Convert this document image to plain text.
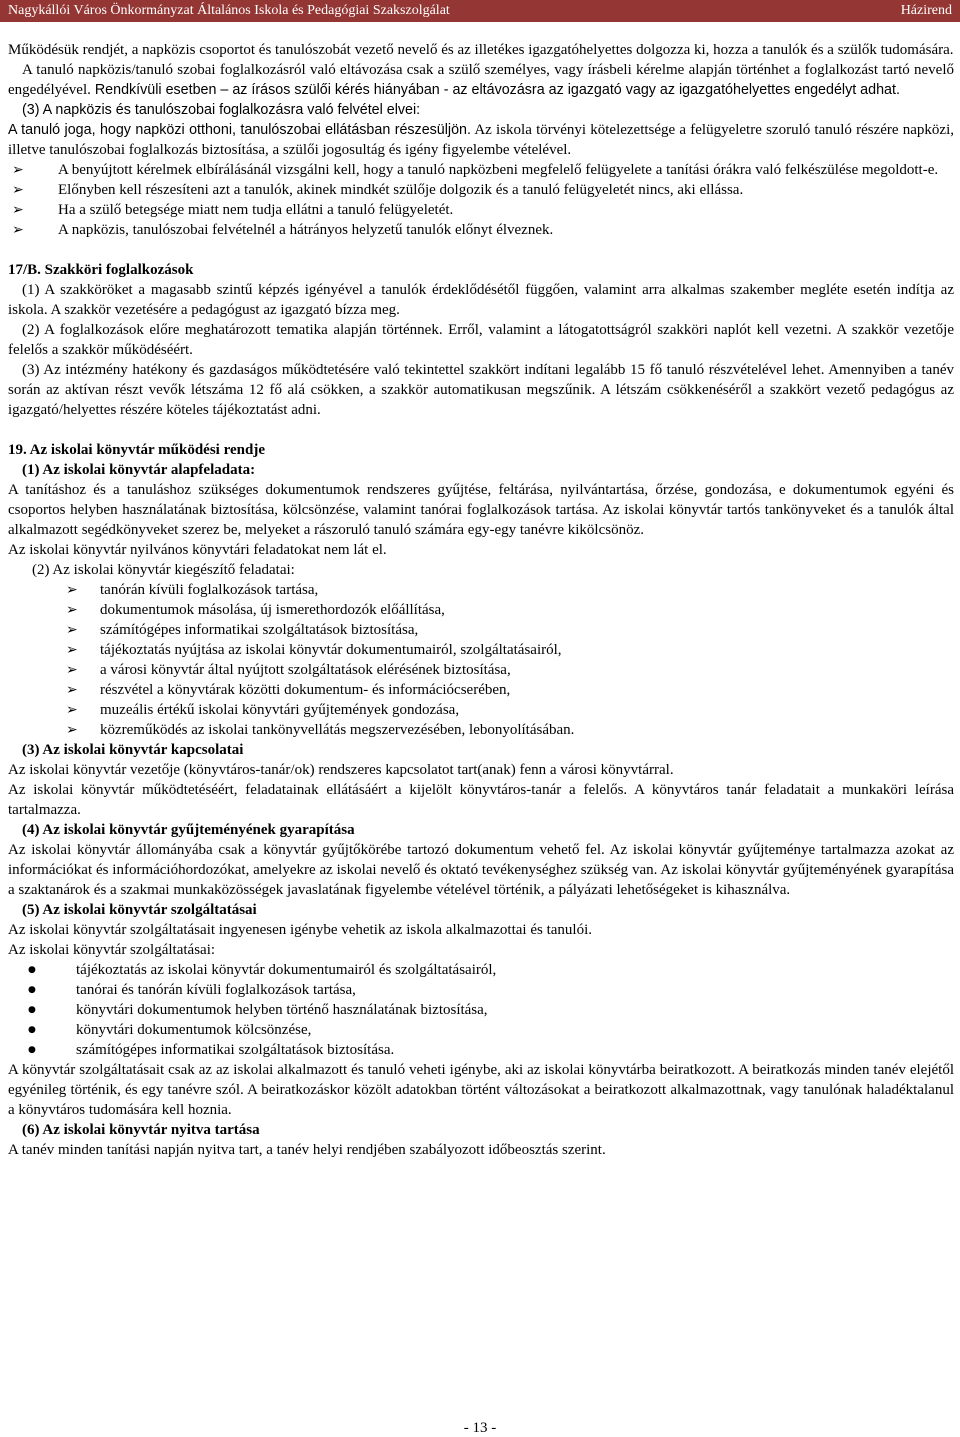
Nagykállói Város Önkormányzat Általános Iskola és Pedagógiai Szakszolgálat	Házirend

Működésük rendjét, a napközis csoportot és tanulószobát vezető nevelő és az illetékes igazgatóhelyettes dolgozza ki, hozza a tanulók és a szülők tudomására.

A tanuló napközis/tanuló szobai foglalkozásról való eltávozása csak a szülő személyes, vagy írásbeli kérelme alapján történhet a foglalkozást tartó nevelő engedélyével. Rendkívüli esetben – az írásos szülői kérés hiányában - az eltávozásra az igazgató vagy az igazgatóhelyettes engedélyt adhat.

(3) A napközis és tanulószobai foglalkozásra való felvétel elvei:

A tanuló joga, hogy napközi otthoni, tanulószobai ellátásban részesüljön. Az iskola törvényi kötelezettsége a felügyeletre szoruló tanuló részére napközi, illetve tanulószobai foglalkozás biztosítása, a szülői jogosultág és igény figyelembe vételével.

➢ A benyújtott kérelmek elbírálásánál vizsgálni kell, hogy a tanuló napközbeni megfelelő felügyelete a tanítási órákra való felkészülése megoldott-e.
➢ Előnyben kell részesíteni azt a tanulók, akinek mindkét szülője dolgozik és a tanuló felügyeletét nincs, aki ellássa.
➢ Ha a szülő betegsége miatt nem tudja ellátni a tanuló felügyeletét.
➢ A napközis, tanulószobai felvételnél a hátrányos helyzetű tanulók előnyt élveznek.

17/B. Szakköri foglalkozások

(1) A szakköröket a magasabb szintű képzés igényével a tanulók érdeklődésétől függően, valamint arra alkalmas szakember megléte esetén indítja az iskola. A szakkör vezetésére a pedagógust az igazgató bízza meg.

(2) A foglalkozások előre meghatározott tematika alapján történnek. Erről, valamint a látogatottságról szakköri naplót kell vezetni. A szakkör vezetője felelős a szakkör működéséért.

(3) Az intézmény hatékony és gazdaságos működtetésére való tekintettel szakkört indítani legalább 15 fő tanuló részvételével lehet. Amennyiben a tanév során az aktívan részt vevők létszáma 12 fő alá csökken, a szakkör automatikusan megszűnik. A létszám csökkenéséről a szakkört vezető pedagógus az igazgató/helyettes részére köteles tájékoztatást adni.

19. Az iskolai könyvtár működési rendje

(1) Az iskolai könyvtár alapfeladata:

A tanításhoz és a tanuláshoz szükséges dokumentumok rendszeres gyűjtése, feltárása, nyilvántartása, őrzése, gondozása, e dokumentumok egyéni és csoportos helyben használatának biztosítása, kölcsönzése, valamint tanórai foglalkozások tartása. Az iskolai könyvtár tartós tankönyveket és a tanulók által alkalmazott segédkönyveket szerez be, melyeket a rászoruló tanuló számára egy-egy tanévre kikölcsönöz.

Az iskolai könyvtár nyilvános könyvtári feladatokat nem lát el.

(2) Az iskolai könyvtár kiegészítő feladatai:

➢ tanórán kívüli foglalkozások tartása,
➢ dokumentumok másolása, új ismerethordozók előállítása,
➢ számítógépes informatikai szolgáltatások biztosítása,
➢ tájékoztatás nyújtása az iskolai könyvtár dokumentumairól, szolgáltatásairól,
➢ a városi könyvtár által nyújtott szolgáltatások elérésének biztosítása,
➢ részvétel a könyvtárak közötti dokumentum- és információcserében,
➢ muzeális értékű iskolai könyvtári gyűjtemények gondozása,
➢ közreműködés az iskolai tankönyvellátás megszervezésében, lebonyolításában.

(3) Az iskolai könyvtár kapcsolatai

Az iskolai könyvtár vezetője (könyvtáros-tanár/ok) rendszeres kapcsolatot tart(anak) fenn a városi könyvtárral.

Az iskolai könyvtár működtetéséért, feladatainak ellátásáért a kijelölt könyvtáros-tanár a felelős. A könyvtáros tanár feladatait a munkaköri leírása tartalmazza.

(4) Az iskolai könyvtár gyűjteményének gyarapítása

Az iskolai könyvtár állományába csak a könyvtár gyűjtőkörébe tartozó dokumentum vehető fel. Az iskolai könyvtár gyűjteménye tartalmazza azokat az információkat és információhordozókat, amelyekre az iskolai nevelő és oktató tevékenységhez szükség van. Az iskolai könyvtár gyűjteményének gyarapítása a szaktanárok és a szakmai munkaközösségek javaslatának figyelembe vételével történik, a pályázati lehetőségeket is kihasználva.

(5) Az iskolai könyvtár szolgáltatásai

Az iskolai könyvtár szolgáltatásait ingyenesen igénybe vehetik az iskola alkalmazottai és tanulói.

Az iskolai könyvtár szolgáltatásai:

● tájékoztatás az iskolai könyvtár dokumentumairól és szolgáltatásairól,
● tanórai és tanórán kívüli foglalkozások tartása,
● könyvtári dokumentumok helyben történő használatának biztosítása,
● könyvtári dokumentumok kölcsönzése,
● számítógépes informatikai szolgáltatások biztosítása.

A könyvtár szolgáltatásait csak az az iskolai alkalmazott és tanuló veheti igénybe, aki az iskolai könyvtárba beiratkozott. A beiratkozás minden tanév elejétől egyénileg történik, és egy tanévre szól. A beiratkozáskor közölt adatokban történt változásokat a beiratkozott alkalmazottnak, vagy tanulónak haladéktalanul a könyvtáros tudomására kell hoznia.

(6) Az iskolai könyvtár nyitva tartása

A tanév minden tanítási napján nyitva tart, a tanév helyi rendjében szabályozott időbeosztás szerint.

- 13 -
